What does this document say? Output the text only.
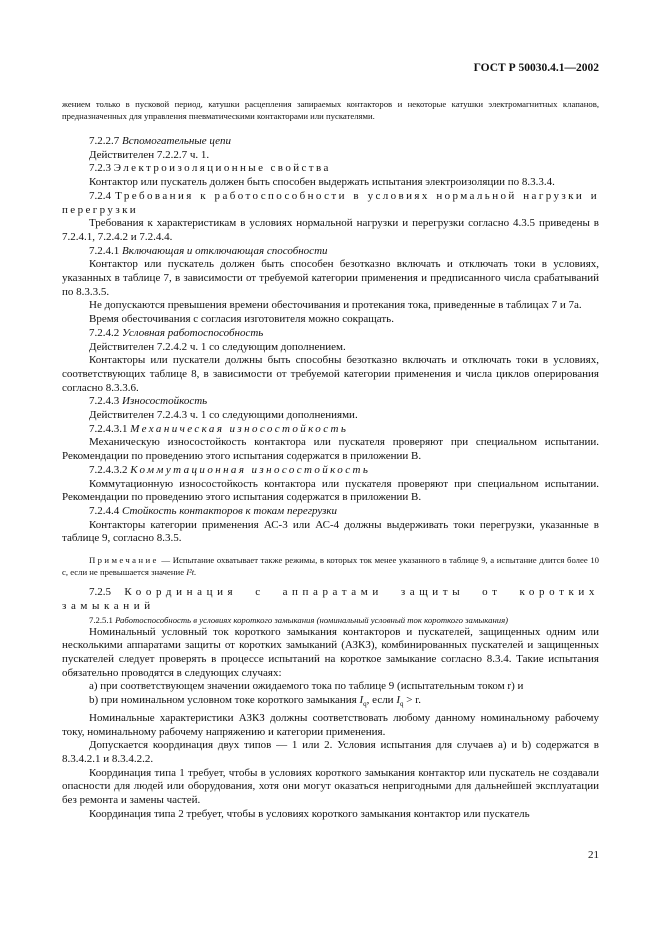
ГОСТ Р 50030.4.1—2002

жением только в пусковой период, катушки расцепления запираемых контакторов и некоторые катушки электромагнитных клапанов, предназначенных для управления пневматическими контакторами или пускателями.

7.2.2.7 Вспомогательные цепи

Действителен 7.2.2.7 ч. 1.

7.2.3 Электроизоляционные свойства

Контактор или пускатель должен быть способен выдержать испытания электроизоляции по 8.3.3.4.

7.2.4 Требования к работоспособности в условиях нормальной нагрузки и перегрузки

Требования к характеристикам в условиях нормальной нагрузки и перегрузки согласно 4.3.5 приведены в 7.2.4.1, 7.2.4.2 и 7.2.4.4.

7.2.4.1 Включающая и отключающая способности

Контактор или пускатель должен быть способен безотказно включать и отключать токи в условиях, указанных в таблице 7, в зависимости от требуемой категории применения и предписанного числа срабатываний по 8.3.3.5.

Не допускаются превышения времени обесточивания и протекания тока, приведенные в таблицах 7 и 7а.

Время обесточивания с согласия изготовителя можно сокращать.

7.2.4.2 Условная работоспособность

Действителен 7.2.4.2 ч. 1 со следующим дополнением.

Контакторы или пускатели должны быть способны безотказно включать и отключать токи в условиях, соответствующих таблице 8, в зависимости от требуемой категории применения и числа циклов оперирования согласно 8.3.3.6.

7.2.4.3 Износостойкость

Действителен 7.2.4.3 ч. 1 со следующими дополнениями.

7.2.4.3.1 Механическая износостойкость

Механическую износостойкость контактора или пускателя проверяют при специальном испытании. Рекомендации по проведению этого испытания содержатся в приложении В.

7.2.4.3.2 Коммутационная износостойкость

Коммутационную износостойкость контактора или пускателя проверяют при специальном испытании. Рекомендации по проведению этого испытания содержатся в приложении В.

7.2.4.4 Стойкость контакторов к токам перегрузки

Контакторы категории применения АС-3 или АС-4 должны выдерживать токи перегрузки, указанные в таблице 9, согласно 8.3.5.

Примечание — Испытание охватывает также режимы, в которых ток менее указанного в таблице 9, а испытание длится более 10 с, если не превышается значение I²t.

7.2.5 Координация с аппаратами защиты от коротких замыканий

7.2.5.1 Работоспособность в условиях короткого замыкания (номинальный условный ток короткого замыкания)

Номинальный условный ток короткого замыкания контакторов и пускателей, защищенных одним или несколькими аппаратами защиты от коротких замыканий (АЗКЗ), комбинированных пускателей и защищенных пускателей следует проверять в процессе испытаний на короткое замыкание согласно 8.3.4. Такие испытания обязательно проводятся в следующих случаях:

а) при соответствующем значении ожидаемого тока по таблице 9 (испытательным током r) и

b) при номинальном условном токе короткого замыкания $I_q$, если $I_q > r$.

Номинальные характеристики АЗКЗ должны соответствовать любому данному номинальному рабочему току, номинальному рабочему напряжению и категории применения.

Допускается координация двух типов — 1 или 2. Условия испытания для случаев а) и b) содержатся в 8.3.4.2.1 и 8.3.4.2.2.

Координация типа 1 требует, чтобы в условиях короткого замыкания контактор или пускатель не создавали опасности для людей или оборудования, хотя они могут оказаться непригодными для дальнейшей эксплуатации без ремонта и замены частей.

Координация типа 2 требует, чтобы в условиях короткого замыкания контактор или пускатель

21
